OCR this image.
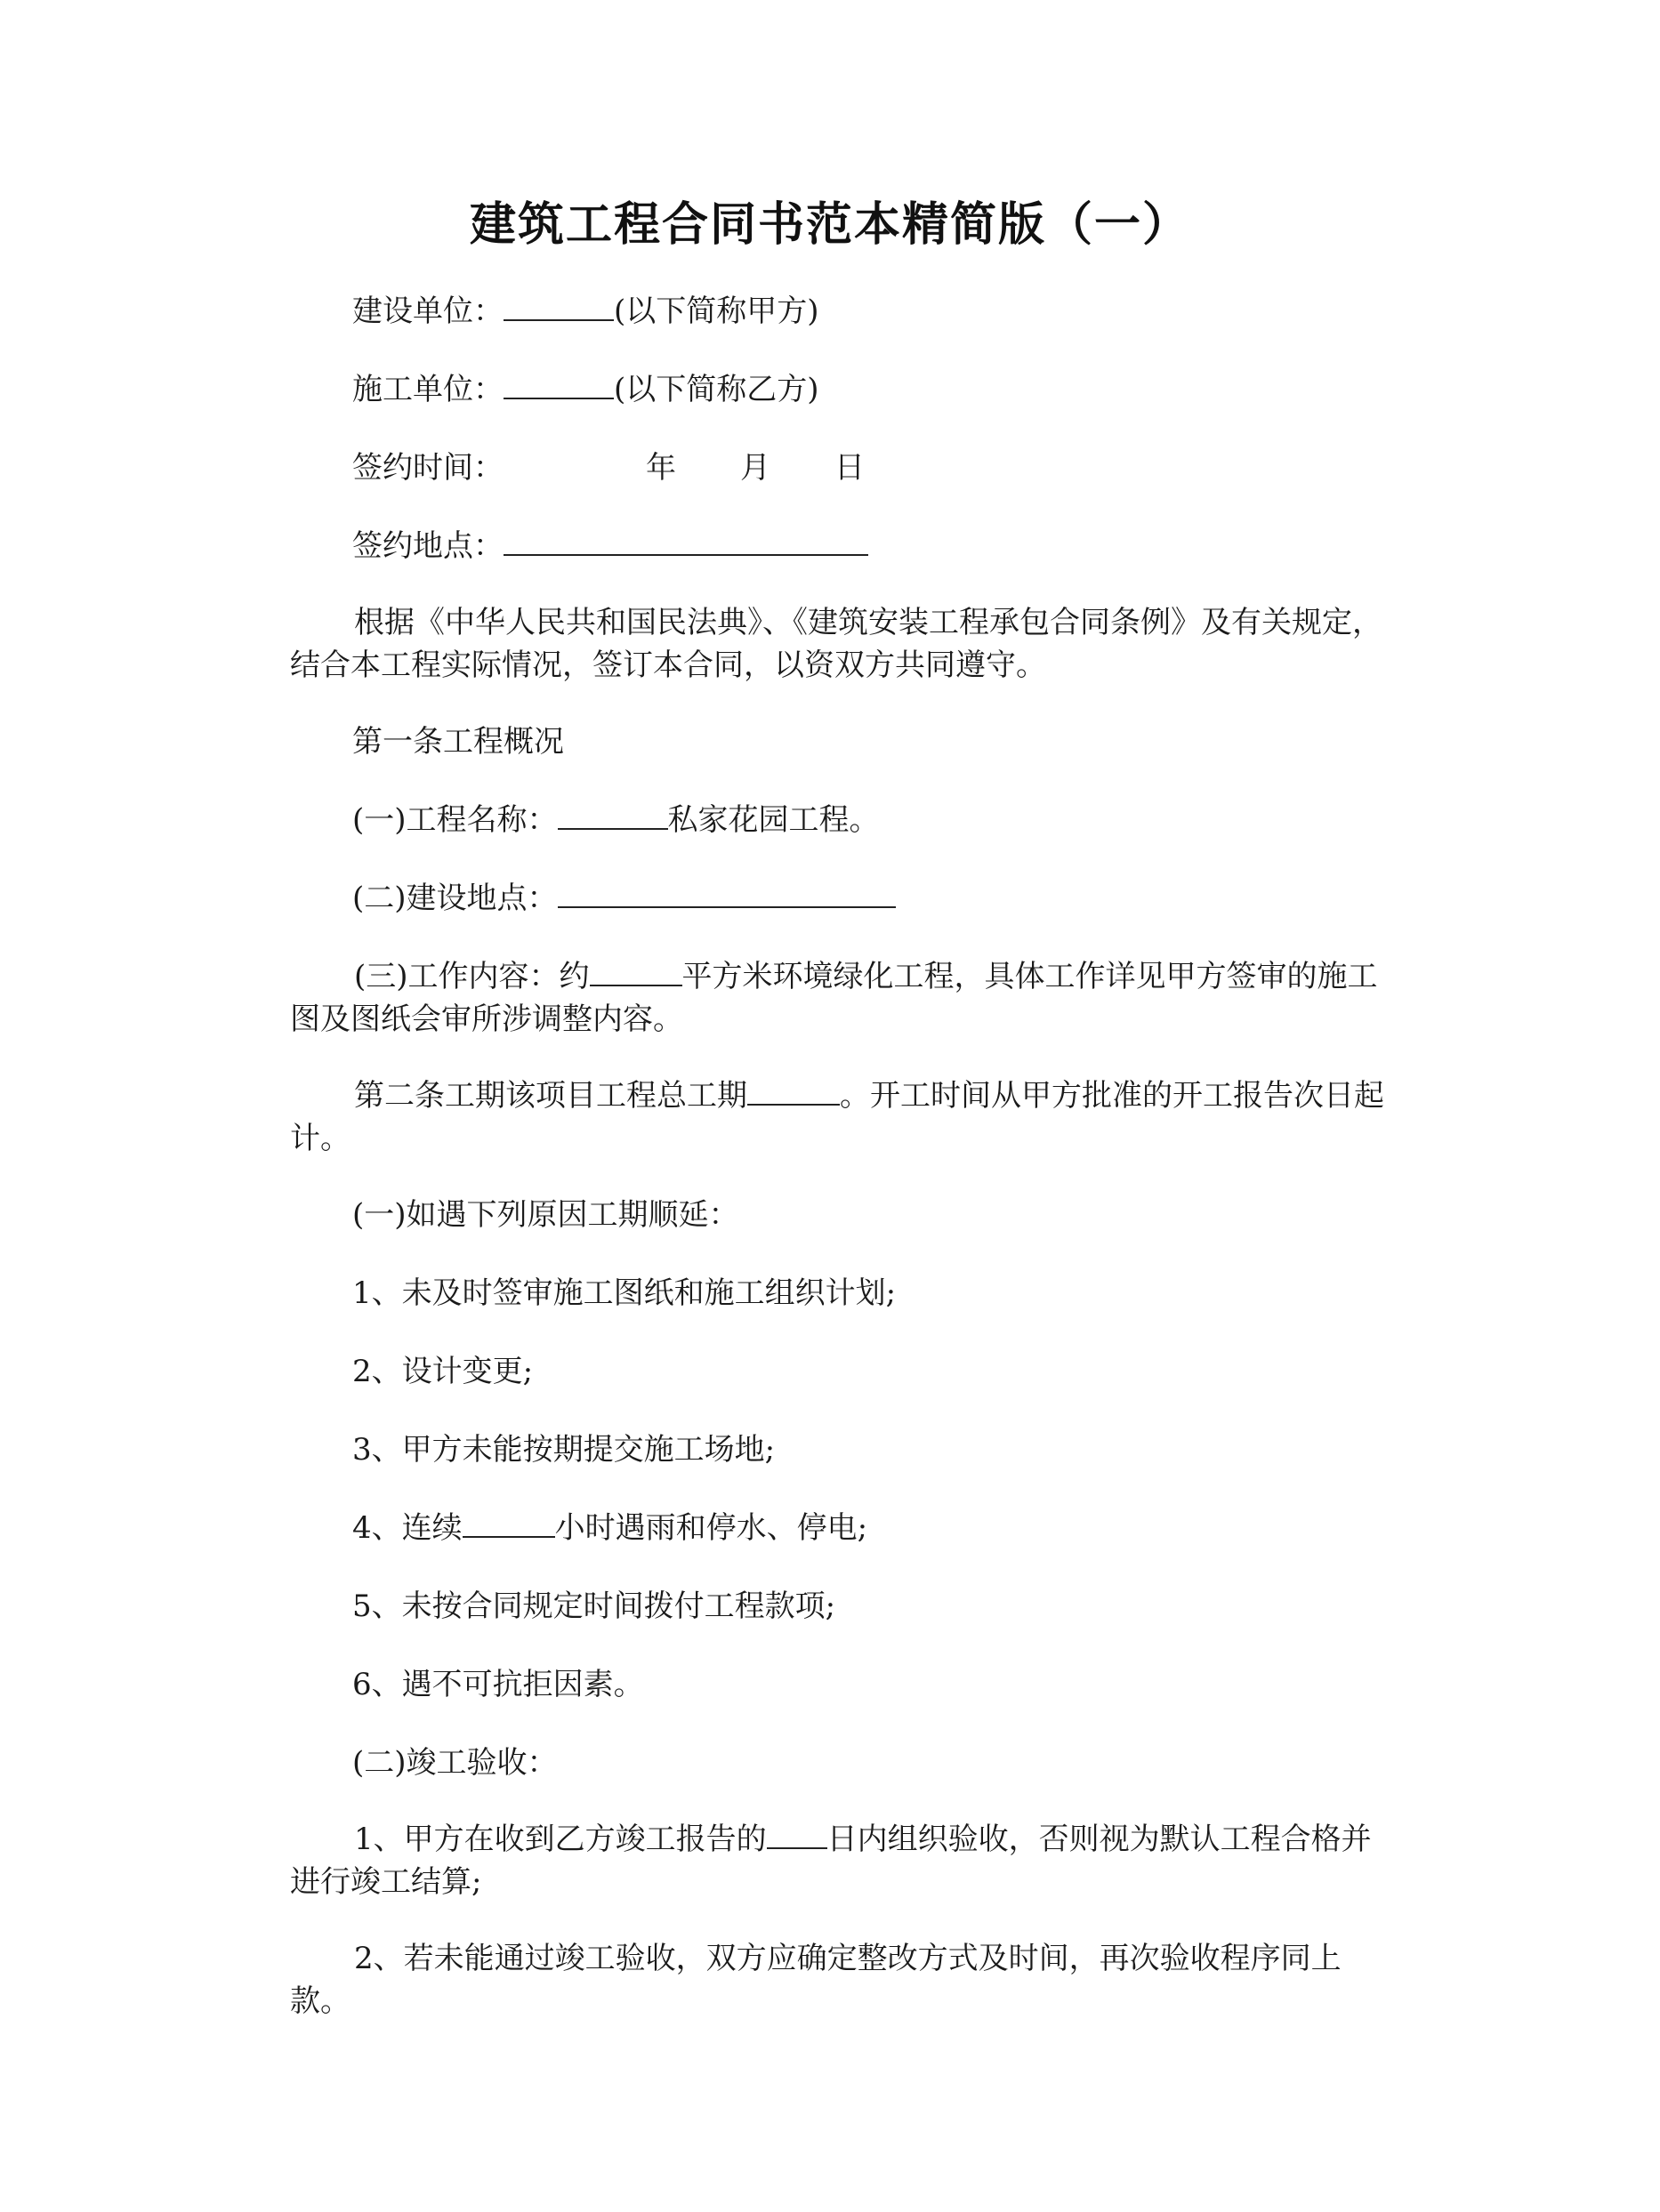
建筑工程合同书范本精简版（一）
建设单位：	(以下简称甲方)
施工单位：	(以下简称乙方)
签约时间：	年 月 日
签约地点：
根据《中华人民共和国民法典》、《建筑安装工程承包合同条例》及有关规定，结合本工程实际情况，签订本合同，以资双方共同遵守。
第一条工程概况
(一)工程名称：	私家花园工程。
(二)建设地点：
(三)工作内容：约	平方米环境绿化工程，具体工作详见甲方签审的施工图及图纸会审所涉调整内容。
第二条工期该项目工程总工期	。开工时间从甲方批准的开工报告次日起计。
(一)如遇下列原因工期顺延：
1、未及时签审施工图纸和施工组织计划;
2、设计变更;
3、甲方未能按期提交施工场地;
4、连续	小时遇雨和停水、停电;
5、未按合同规定时间拨付工程款项;
6、遇不可抗拒因素。
(二)竣工验收：
1、甲方在收到乙方竣工报告的 日内组织验收，否则视为默认工程合格并进行竣工结算;
2、若未能通过竣工验收，双方应确定整改方式及时间，再次验收程序同上款。
